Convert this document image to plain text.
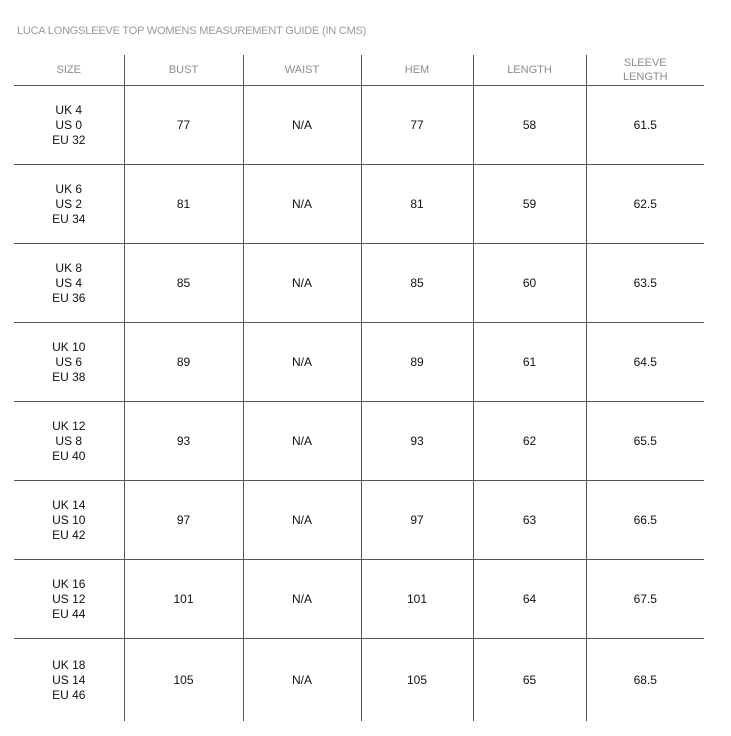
LUCA LONGSLEEVE TOP WOMENS MEASUREMENT GUIDE (IN CMS)
SIZE	BUST	WAIST	HEM	LENGTH	SLEEVE
LENGTH

UK 4
US 0
EU 32	77	N/A	77	58	61.5

UK 6
US 2
EU 34	81	N/A	81	59	62.5

UK 8
US 4
EU 36	85	N/A	85	60	63.5

UK 10
US 6
EU 38	89	N/A	89	61	64.5

UK 12
US 8
EU 40	93	N/A	93	62	65.5

UK 14
US 10
EU 42	97	N/A	97	63	66.5

UK 16
US 12
EU 44	101	N/A	101	64	67.5

UK 18
US 14
EU 46	105	N/A	105	65	68.5
